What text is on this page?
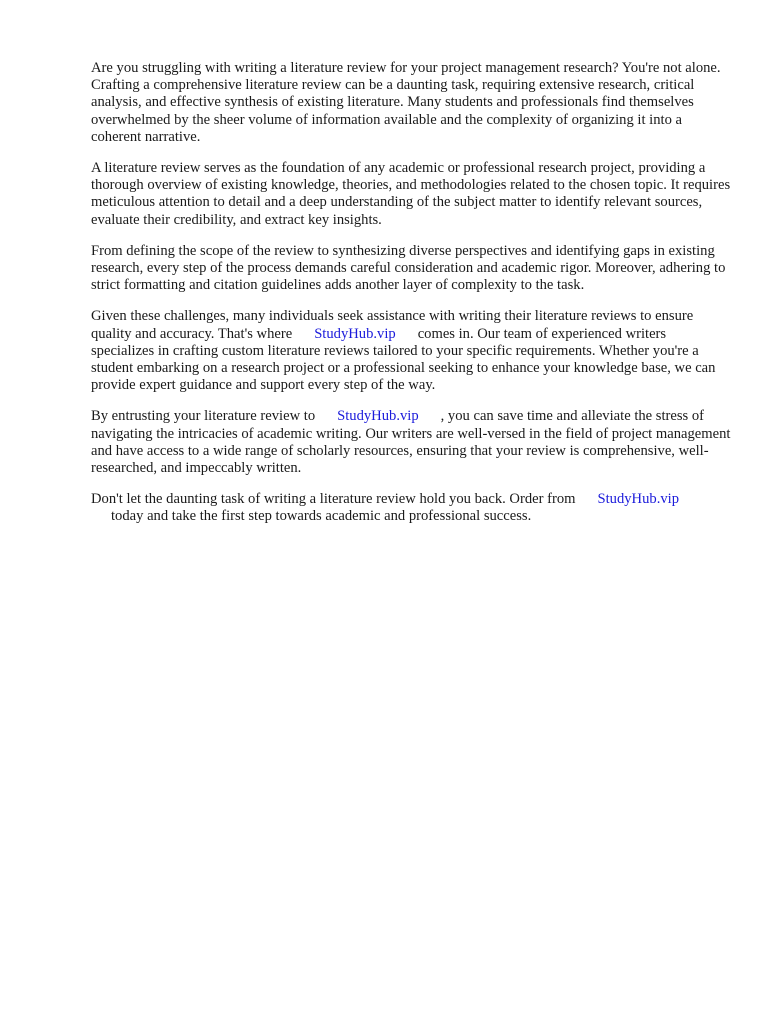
Are you struggling with writing a literature review for your project management research? You're not alone. Crafting a comprehensive literature review can be a daunting task, requiring extensive research, critical analysis, and effective synthesis of existing literature. Many students and professionals find themselves overwhelmed by the sheer volume of information available and the complexity of organizing it into a coherent narrative.

A literature review serves as the foundation of any academic or professional research project, providing a thorough overview of existing knowledge, theories, and methodologies related to the chosen topic. It requires meticulous attention to detail and a deep understanding of the subject matter to identify relevant sources, evaluate their credibility, and extract key insights.

From defining the scope of the review to synthesizing diverse perspectives and identifying gaps in existing research, every step of the process demands careful consideration and academic rigor. Moreover, adhering to strict formatting and citation guidelines adds another layer of complexity to the task.

Given these challenges, many individuals seek assistance with writing their literature reviews to ensure quality and accuracy. That's where StudyHub.vip comes in. Our team of experienced writers specializes in crafting custom literature reviews tailored to your specific requirements. Whether you're a student embarking on a research project or a professional seeking to enhance your knowledge base, we can provide expert guidance and support every step of the way.

By entrusting your literature review to StudyHub.vip , you can save time and alleviate the stress of navigating the intricacies of academic writing. Our writers are well-versed in the field of project management and have access to a wide range of scholarly resources, ensuring that your review is comprehensive, well-researched, and impeccably written.

Don't let the daunting task of writing a literature review hold you back. Order from StudyHub.vip
today and take the first step towards academic and professional success.
